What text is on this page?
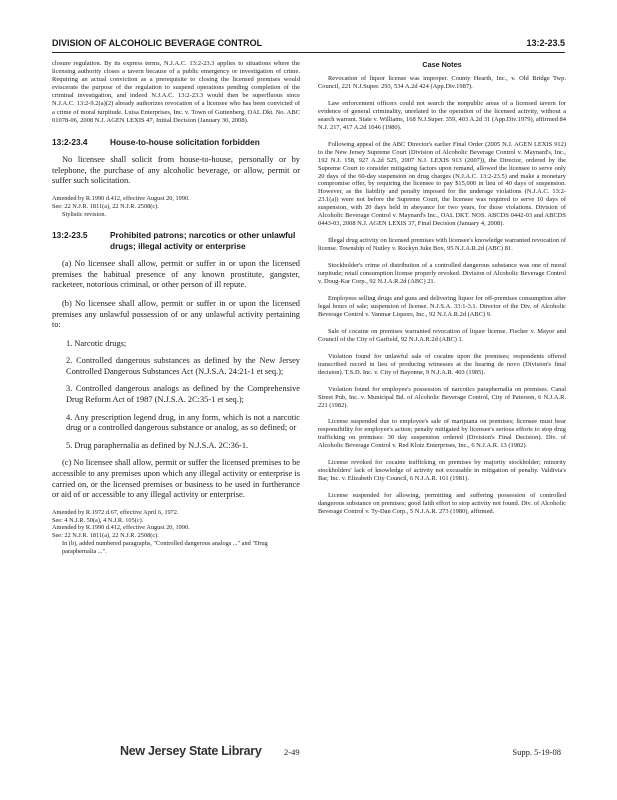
DIVISION OF ALCOHOLIC BEVERAGE CONTROL	13:2-23.5

closure regulation. By its express terms, N.J.A.C. 13:2-23.3 applies to situations where the licensing authority closes a tavern because of a public emergency or investigation of crime. Requiring an actual conviction as a prerequisite to closing the licensed premises would eviscerate the purpose of the regulation to suspend operations pending completion of the criminal investigation, and indeed N.J.A.C. 13:2-23.3 would then be superfluous since N.J.A.C. 13:2-9.2(a)(2) already authorizes revocation of a licensee who has been convicted of a crime of moral turpitude. Luisa Enterprises, Inc. v. Town of Guttenberg, OAL Dkt. No. ABC 01078-06, 2008 N.J. AGEN LEXIS 47, Initial Decision (January 30, 2008).

13:2-23.4	House-to-house solicitation forbidden

No licensee shall solicit from house-to-house, personally or by telephone, the purchase of any alcoholic beverage, or allow, permit or suffer such solicitation.

Amended by R.1990 d.412, effective August 20, 1990.
See: 22 N.J.R. 1811(a), 22 N.J.R. 2508(c).
Stylistic revision.
13:2-23.5	Prohibited patrons; narcotics or other unlawful drugs; illegal activity or enterprise

(a) No licensee shall allow, permit or suffer in or upon the licensed premises the habitual presence of any known prostitute, gangster, racketeer, notorious criminal, or other person of ill repute.

(b) No licensee shall allow, permit or suffer in or upon the licensed premises any unlawful possession of or any unlawful activity pertaining to:

1. Narcotic drugs;

2. Controlled dangerous substances as defined by the New Jersey Controlled Dangerous Substances Act (N.J.S.A. 24:21-1 et seq.);

3. Controlled dangerous analogs as defined by the Comprehensive Drug Reform Act of 1987 (N.J.S.A. 2C:35-1 et seq.);

4. Any prescription legend drug, in any form, which is not a narcotic drug or a controlled dangerous substance or analog, as so defined; or

5. Drug paraphernalia as defined by N.J.S.A. 2C:36-1.

(c) No licensee shall allow, permit or suffer the licensed premises to be accessible to any premises upon which any illegal activity or enterprise is carried on, or the licensed premises or business to be used in furtherance or aid of or accessible to any illegal activity or enterprise.

Amended by R.1972 d.67, effective April 6, 1972.
See: 4 N.J.R. 50(a), 4 N.J.R. 105(c).
Amended by R.1990 d.412, effective August 20, 1990.
See: 22 N.J.R. 1811(a), 22 N.J.R. 2508(c).
In (b), added numbered paragraphs, "Controlled dangerous analogs ..." and "Drug paraphernalia ...".
Case Notes

Revocation of liquor license was improper. County Hearth, Inc., v. Old Bridge Twp. Council, 221 N.J.Super. 293, 534 A.2d 424 (App.Div.1987).

Law enforcement officers could not search the nonpublic areas of a licensed tavern for evidence of general criminality, unrelated to the operation of the licensed activity, without a search warrant. State v. Williams, 168 N.J.Super. 359, 403 A.2d 31 (App.Div.1979), affirmed 84 N.J. 217, 417 A.2d 1046 (1980).

Following appeal of the ABC Director's earlier Final Order (2005 N.J. AGEN LEXIS 912) to the New Jersey Supreme Court (Division of Alcoholic Beverage Control v. Maynard's, Inc., 192 N.J. 158, 927 A.2d 525, 2007 N.J. LEXIS 913 (2007)), the Director, ordered by the Supreme Court to consider mitigating factors upon remand, allowed the licensee to serve only 20 days of the 60-day suspension on drug charges (N.J.A.C. 13:2-23.5) and make a monetary compromise offer, by requiring the licensee to pay $15,000 in lieu of 40 days of suspension. However, as the liability and penalty imposed for the underage violations (N.J.A.C. 13:2-23.1(a)) were not before the Supreme Court, the licensee was required to serve 10 days of suspension, with 20 days held in abeyance for two years, for those violations. Division of Alcoholic Beverage Control v. Maynard's Inc., OAL DKT. NOS. ABCDS 0442-03 and ABCDS 0443-03, 2008 N.J. AGEN LEXIS 37, Final Decision (January 4, 2008).

Illegal drug activity on licensed premises with licensee's knowledge warranted revocation of license. Township of Nutley v. Rockyn Juke Box, 95 N.J.A.R.2d (ABC) 81.

Stockholder's crime of distribution of a controlled dangerous substance was one of moral turpitude; retail consumption license properly revoked. Division of Alcoholic Beverage Control v. Doug-Kar Corp., 92 N.J.A.R.2d (ABC) 21.

Employees selling drugs and guns and delivering liquor for off-premises consumption after legal hours of sale; suspension of license. N.J.S.A. 33:1-3.1. Director of the Div. of Alcoholic Beverage Control v. Vanmar Liquors, Inc., 92 N.J.A.R.2d (ABC) 9.

Sale of cocaine on premises warranted revocation of liquor license. Fischer v. Mayor and Council of the City of Garfield, 92 N.J.A.R.2d (ABC) 1.

Violation found for unlawful sale of cocaine upon the premises; respondents offered transcribed record in lieu of producing witnesses at the hearing de novo (Division's final decision). T.S.D. Inc. v. City of Bayonne, 9 N.J.A.R. 403 (1985).

Violation found for employee's possession of narcotics paraphernalia on premises. Canal Street Pub, Inc. v. Municipal Bd. of Alcoholic Beverage Control, City of Paterson, 6 N.J.A.R. 221 (1982).

License suspended due to employee's sale of marijuana on premises; licensee must bear responsibility for employee's action; penalty mitigated by licensee's serious efforts to stop drug trafficking on premises: 30 day suspension ordered (Division's Final Decision). Div. of Alcoholic Beverage Control v. Red Klotz Enterprises, Inc., 6 N.J.A.R. 13 (1982).

License revoked for cocaine trafficking on premises by majority stockholder; minority stockholders' lack of knowledge of activity not excusable in mitigation of penalty. Valdivia's Bar, Inc. v. Elizabeth City Council, 6 N.J.A.R. 161 (1981).

License suspended for allowing, permitting and suffering possession of controlled dangerous substance on premises; good faith effort to stop activity not found. Div. of Alcoholic Beverage Control v. Ty-Dan Corp., 5 N.J.A.R. 273 (1980), affirmed.

New Jersey State Library	2-49	Supp. 5-19-08
